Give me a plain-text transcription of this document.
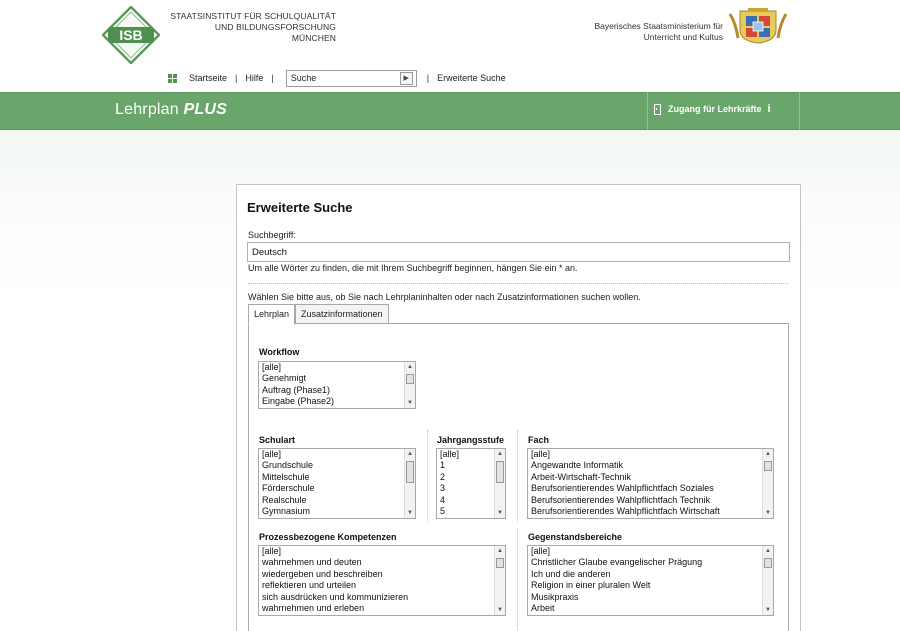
ISB
STAATSINSTITUT FÜR SCHULQUALITÄT
UND BILDUNGSFORSCHUNG
MÜNCHEN
Bayerisches Staatsministerium für
Unterricht und Kultus
Startseite | Hilfe |
Suche	▶	| Erweiterte Suche
Lehrplan PLUS	Zugang für Lehrkräfte i
Erweiterte Suche
Suchbegriff:
Deutsch
Um alle Wörter zu finden, die mit Ihrem Suchbegriff beginnen, hängen Sie ein * an.
Wählen Sie bitte aus, ob Sie nach Lehrplaninhalten oder nach Zusatzinformationen suchen wollen.
Lehrplan	Zusatzinformationen
Workflow
[alle]
Genehmigt
Auftrag (Phase1)
Eingabe (Phase2)
▲
▼
Schulart
[alle]
Grundschule
Mittelschule
Förderschule
Realschule
Gymnasium
▲
▼
Jahrgangsstufe
[alle]
1
2
3
4
5
▲
▼
Fach
[alle]
Angewandte Informatik
Arbeit-Wirtschaft-Technik
Berufsorientierendes Wahlpflichtfach Soziales
Berufsorientierendes Wahlpflichtfach Technik
Berufsorientierendes Wahlpflichtfach Wirtschaft
▲
▼
Prozessbezogene Kompetenzen
[alle]
wahrnehmen und deuten
wiedergeben und beschreiben
reflektieren und urteilen
sich ausdrücken und kommunizieren
wahrnehmen und erleben
▲
▼
Gegenstandsbereiche
[alle]
Christlicher Glaube evangelischer Prägung
Ich und die anderen
Religion in einer pluralen Welt
Musikpraxis
Arbeit
▲
▼
